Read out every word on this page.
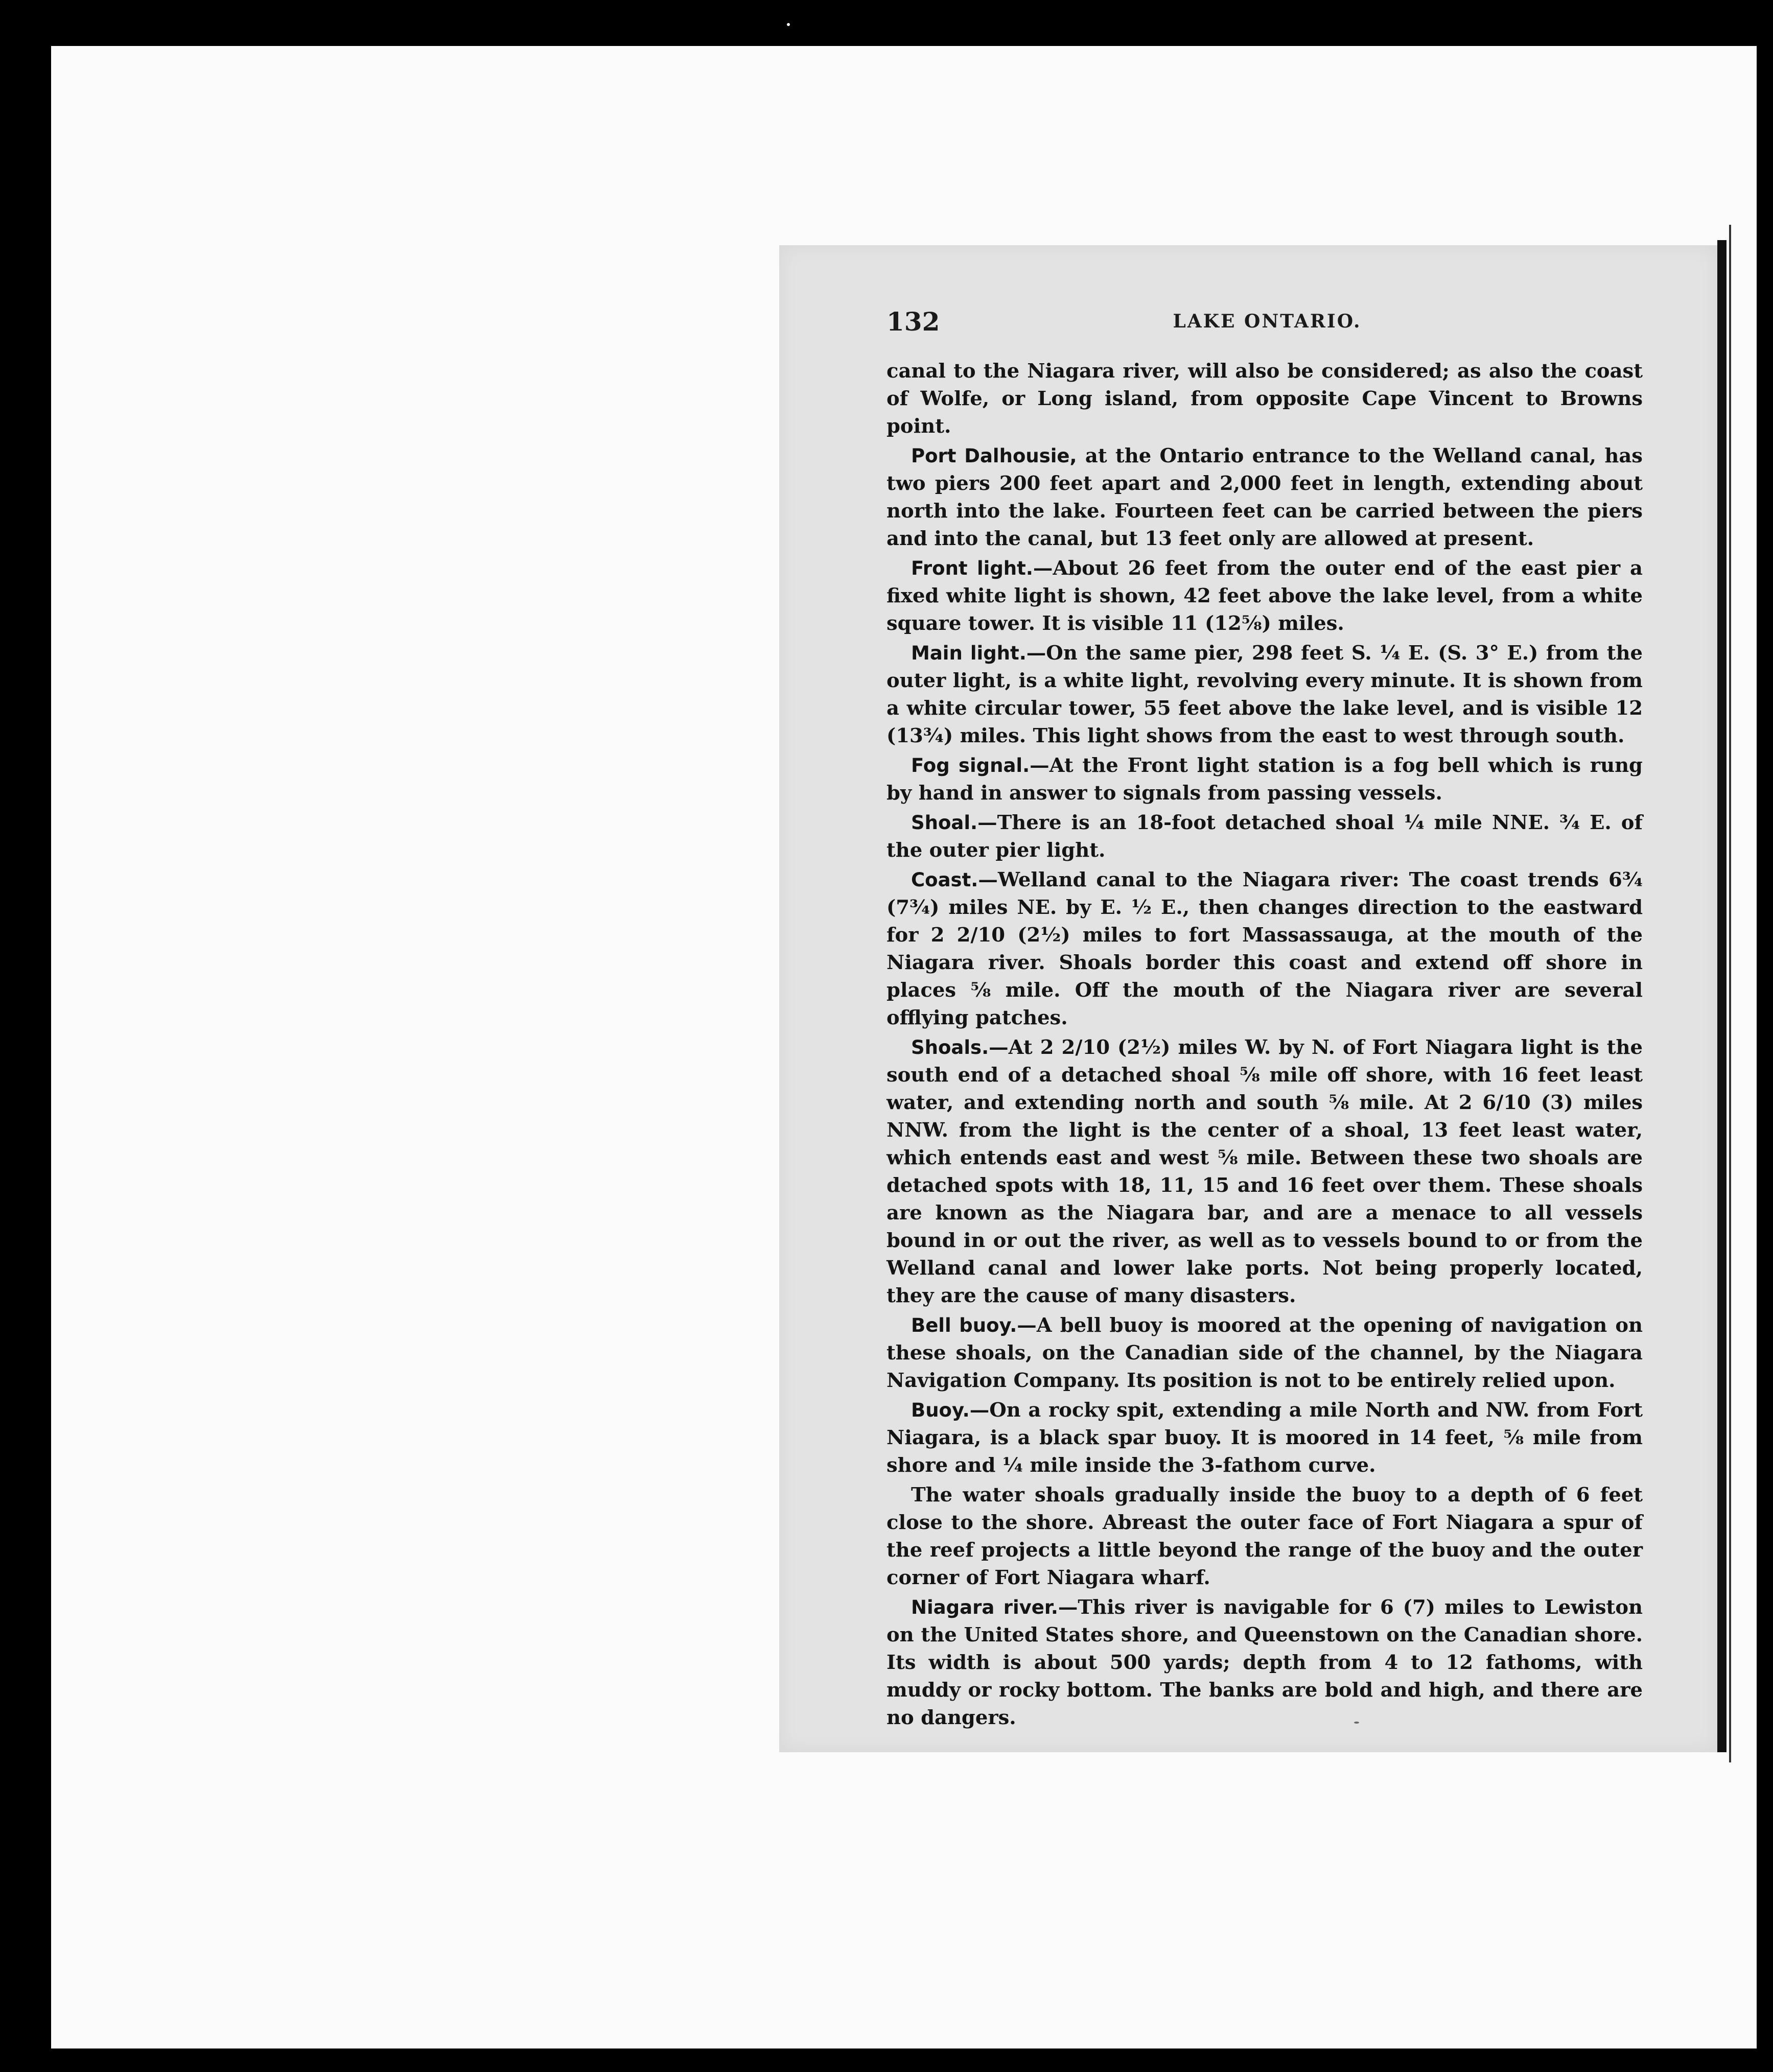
132	LAKE ONTARIO.

canal to the Niagara river, will also be considered; as also the coast of Wolfe, or Long island, from opposite Cape Vincent to Browns point.

Port Dalhousie, at the Ontario entrance to the Welland canal, has two piers 200 feet apart and 2,000 feet in length, extending about north into the lake. Fourteen feet can be carried between the piers and into the canal, but 13 feet only are allowed at present.

Front light.—About 26 feet from the outer end of the east pier a fixed white light is shown, 42 feet above the lake level, from a white square tower. It is visible 11 (12⅝) miles.

Main light.—On the same pier, 298 feet S. ¼ E. (S. 3° E.) from the outer light, is a white light, revolving every minute. It is shown from a white circular tower, 55 feet above the lake level, and is visible 12 (13¾) miles. This light shows from the east to west through south.

Fog signal.—At the Front light station is a fog bell which is rung by hand in answer to signals from passing vessels.

Shoal.—There is an 18-foot detached shoal ¼ mile NNE. ¾ E. of the outer pier light.

Coast.—Welland canal to the Niagara river: The coast trends 6¾ (7¾) miles NE. by E. ½ E., then changes direction to the eastward for 2 2/10 (2½) miles to fort Massassauga, at the mouth of the Niagara river. Shoals border this coast and extend off shore in places ⅝ mile. Off the mouth of the Niagara river are several offlying patches.

Shoals.—At 2 2/10 (2½) miles W. by N. of Fort Niagara light is the south end of a detached shoal ⅝ mile off shore, with 16 feet least water, and extending north and south ⅝ mile. At 2 6/10 (3) miles NNW. from the light is the center of a shoal, 13 feet least water, which entends east and west ⅝ mile. Between these two shoals are detached spots with 18, 11, 15 and 16 feet over them. These shoals are known as the Niagara bar, and are a menace to all vessels bound in or out the river, as well as to vessels bound to or from the Welland canal and lower lake ports. Not being properly located, they are the cause of many disasters.

Bell buoy.—A bell buoy is moored at the opening of navigation on these shoals, on the Canadian side of the channel, by the Niagara Navigation Company. Its position is not to be entirely relied upon.

Buoy.—On a rocky spit, extending a mile North and NW. from Fort Niagara, is a black spar buoy. It is moored in 14 feet, ⅝ mile from shore and ¼ mile inside the 3-fathom curve.

The water shoals gradually inside the buoy to a depth of 6 feet close to the shore. Abreast the outer face of Fort Niagara a spur of the reef projects a little beyond the range of the buoy and the outer corner of Fort Niagara wharf.

Niagara river.—This river is navigable for 6 (7) miles to Lewiston on the United States shore, and Queenstown on the Canadian shore. Its width is about 500 yards; depth from 4 to 12 fathoms, with muddy or rocky bottom. The banks are bold and high, and there are no dangers.
